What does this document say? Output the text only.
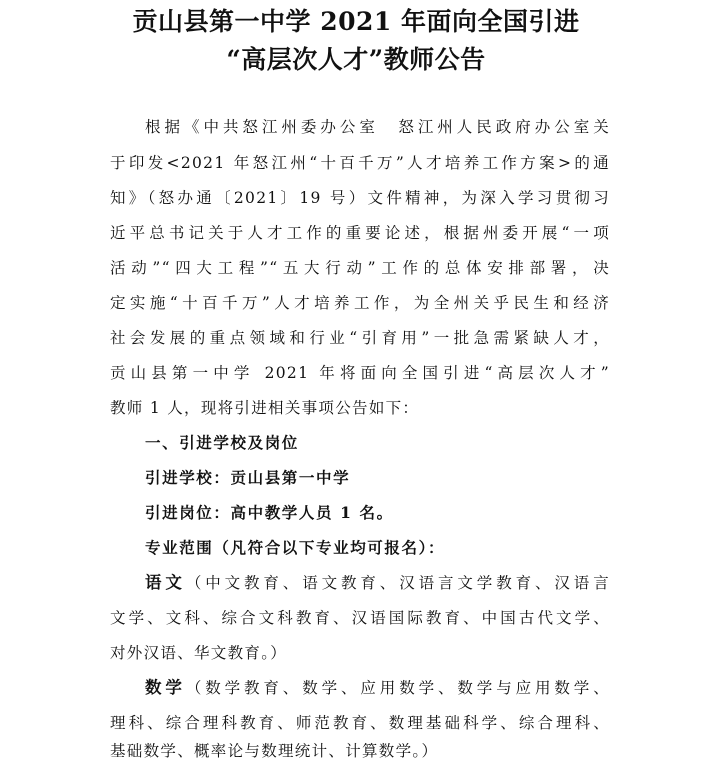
贡山县第一中学 2021 年面向全国引进
“高层次人才”教师公告
根据《中共怒江州委办公室　怒江州人民政府办公室关
于印发<2021 年怒江州“十百千万”人才培养工作方案>的通
知》（怒办通〔2021〕19 号）文件精神，为深入学习贯彻习
近平总书记关于人才工作的重要论述，根据州委开展“一项
活动”“四大工程”“五大行动”工作的总体安排部署，决
定实施“十百千万”人才培养工作，为全州关乎民生和经济
社会发展的重点领域和行业“引育用”一批急需紧缺人才，
贡山县第一中学 2021 年将面向全国引进“高层次人才”
教师 1 人，现将引进相关事项公告如下：
一、引进学校及岗位
引进学校：贡山县第一中学
引进岗位：高中教学人员 1 名。
专业范围（凡符合以下专业均可报名）：
语文（中文教育、语文教育、汉语言文学教育、汉语言
文学、文科、综合文科教育、汉语国际教育、中国古代文学、
对外汉语、华文教育。）
数学（数学教育、数学、应用数学、数学与应用数学、
理科、综合理科教育、师范教育、数理基础科学、综合理科、
基础数学、概率论与数理统计、计算数学。）
